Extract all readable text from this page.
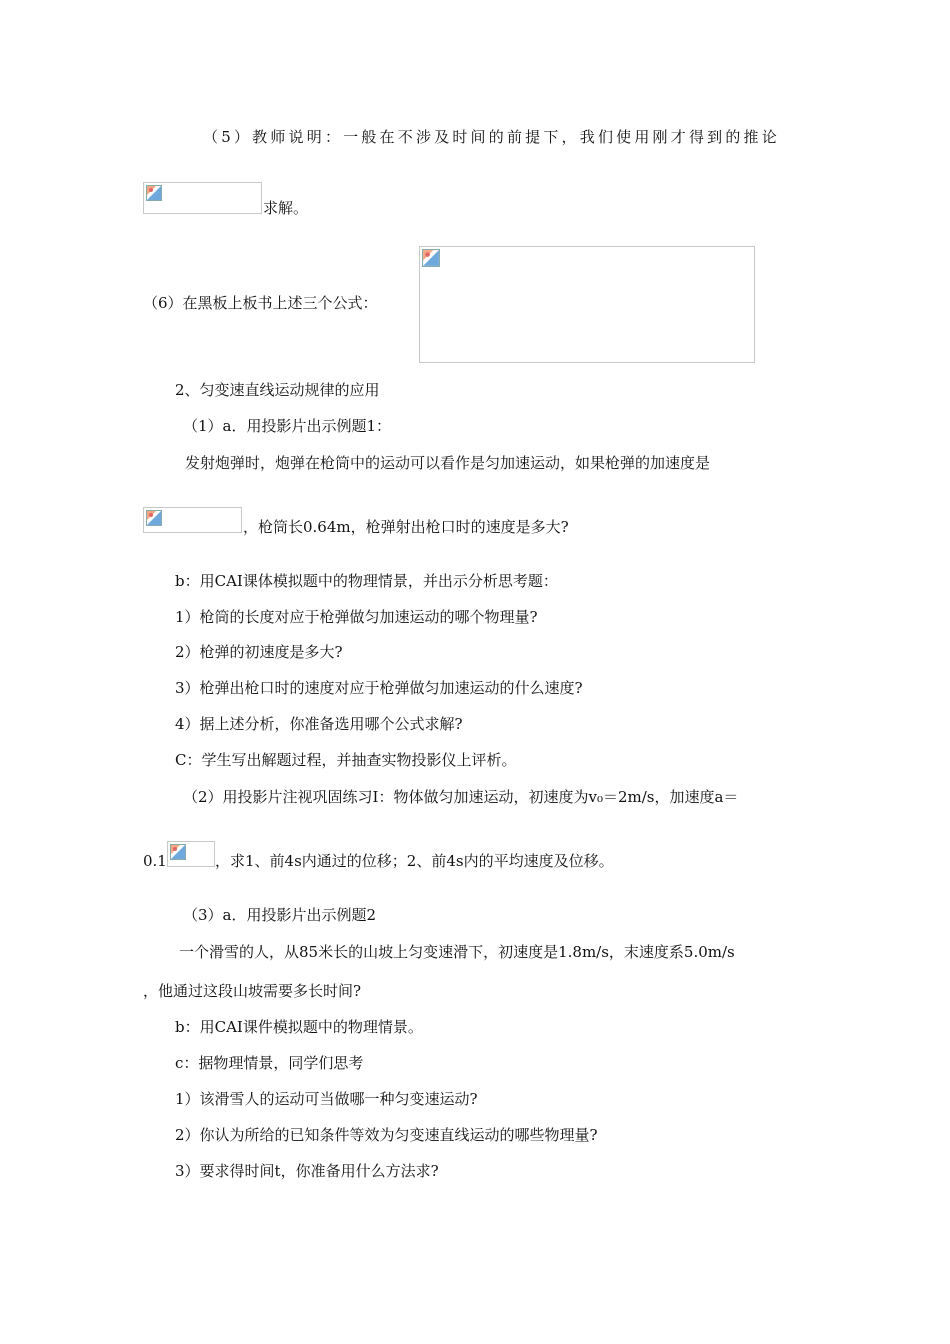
（5）教师说明：一般在不涉及时间的前提下，我们使用刚才得到的推论
求解。
（6）在黑板上板书上述三个公式：
2、匀变速直线运动规律的应用
（1）a．用投影片出示例题1：
发射炮弹时，炮弹在枪筒中的运动可以看作是匀加速运动，如果枪弹的加速度是
，枪筒长0.64m，枪弹射出枪口时的速度是多大?
b：用CAI课体模拟题中的物理情景，并出示分析思考题：
1）枪筒的长度对应于枪弹做匀加速运动的哪个物理量?
2）枪弹的初速度是多大?
3）枪弹出枪口时的速度对应于枪弹做匀加速运动的什么速度?
4）据上述分析，你准备选用哪个公式求解?
C：学生写出解题过程，并抽查实物投影仪上评析。
（2）用投影片注视巩固练习I：物体做匀加速运动，初速度为v₀＝2m/s，加速度a＝
0.1	，求1、前4s内通过的位移；2、前4s内的平均速度及位移。
（3）a．用投影片出示例题2
一个滑雪的人，从85米长的山坡上匀变速滑下，初速度是1.8m/s，末速度系5.0m/s
，他通过这段山坡需要多长时间?
b：用CAI课件模拟题中的物理情景。
c：据物理情景，同学们思考
1）该滑雪人的运动可当做哪一种匀变速运动?
2）你认为所给的已知条件等效为匀变速直线运动的哪些物理量?
3）要求得时间t，你准备用什么方法求?
